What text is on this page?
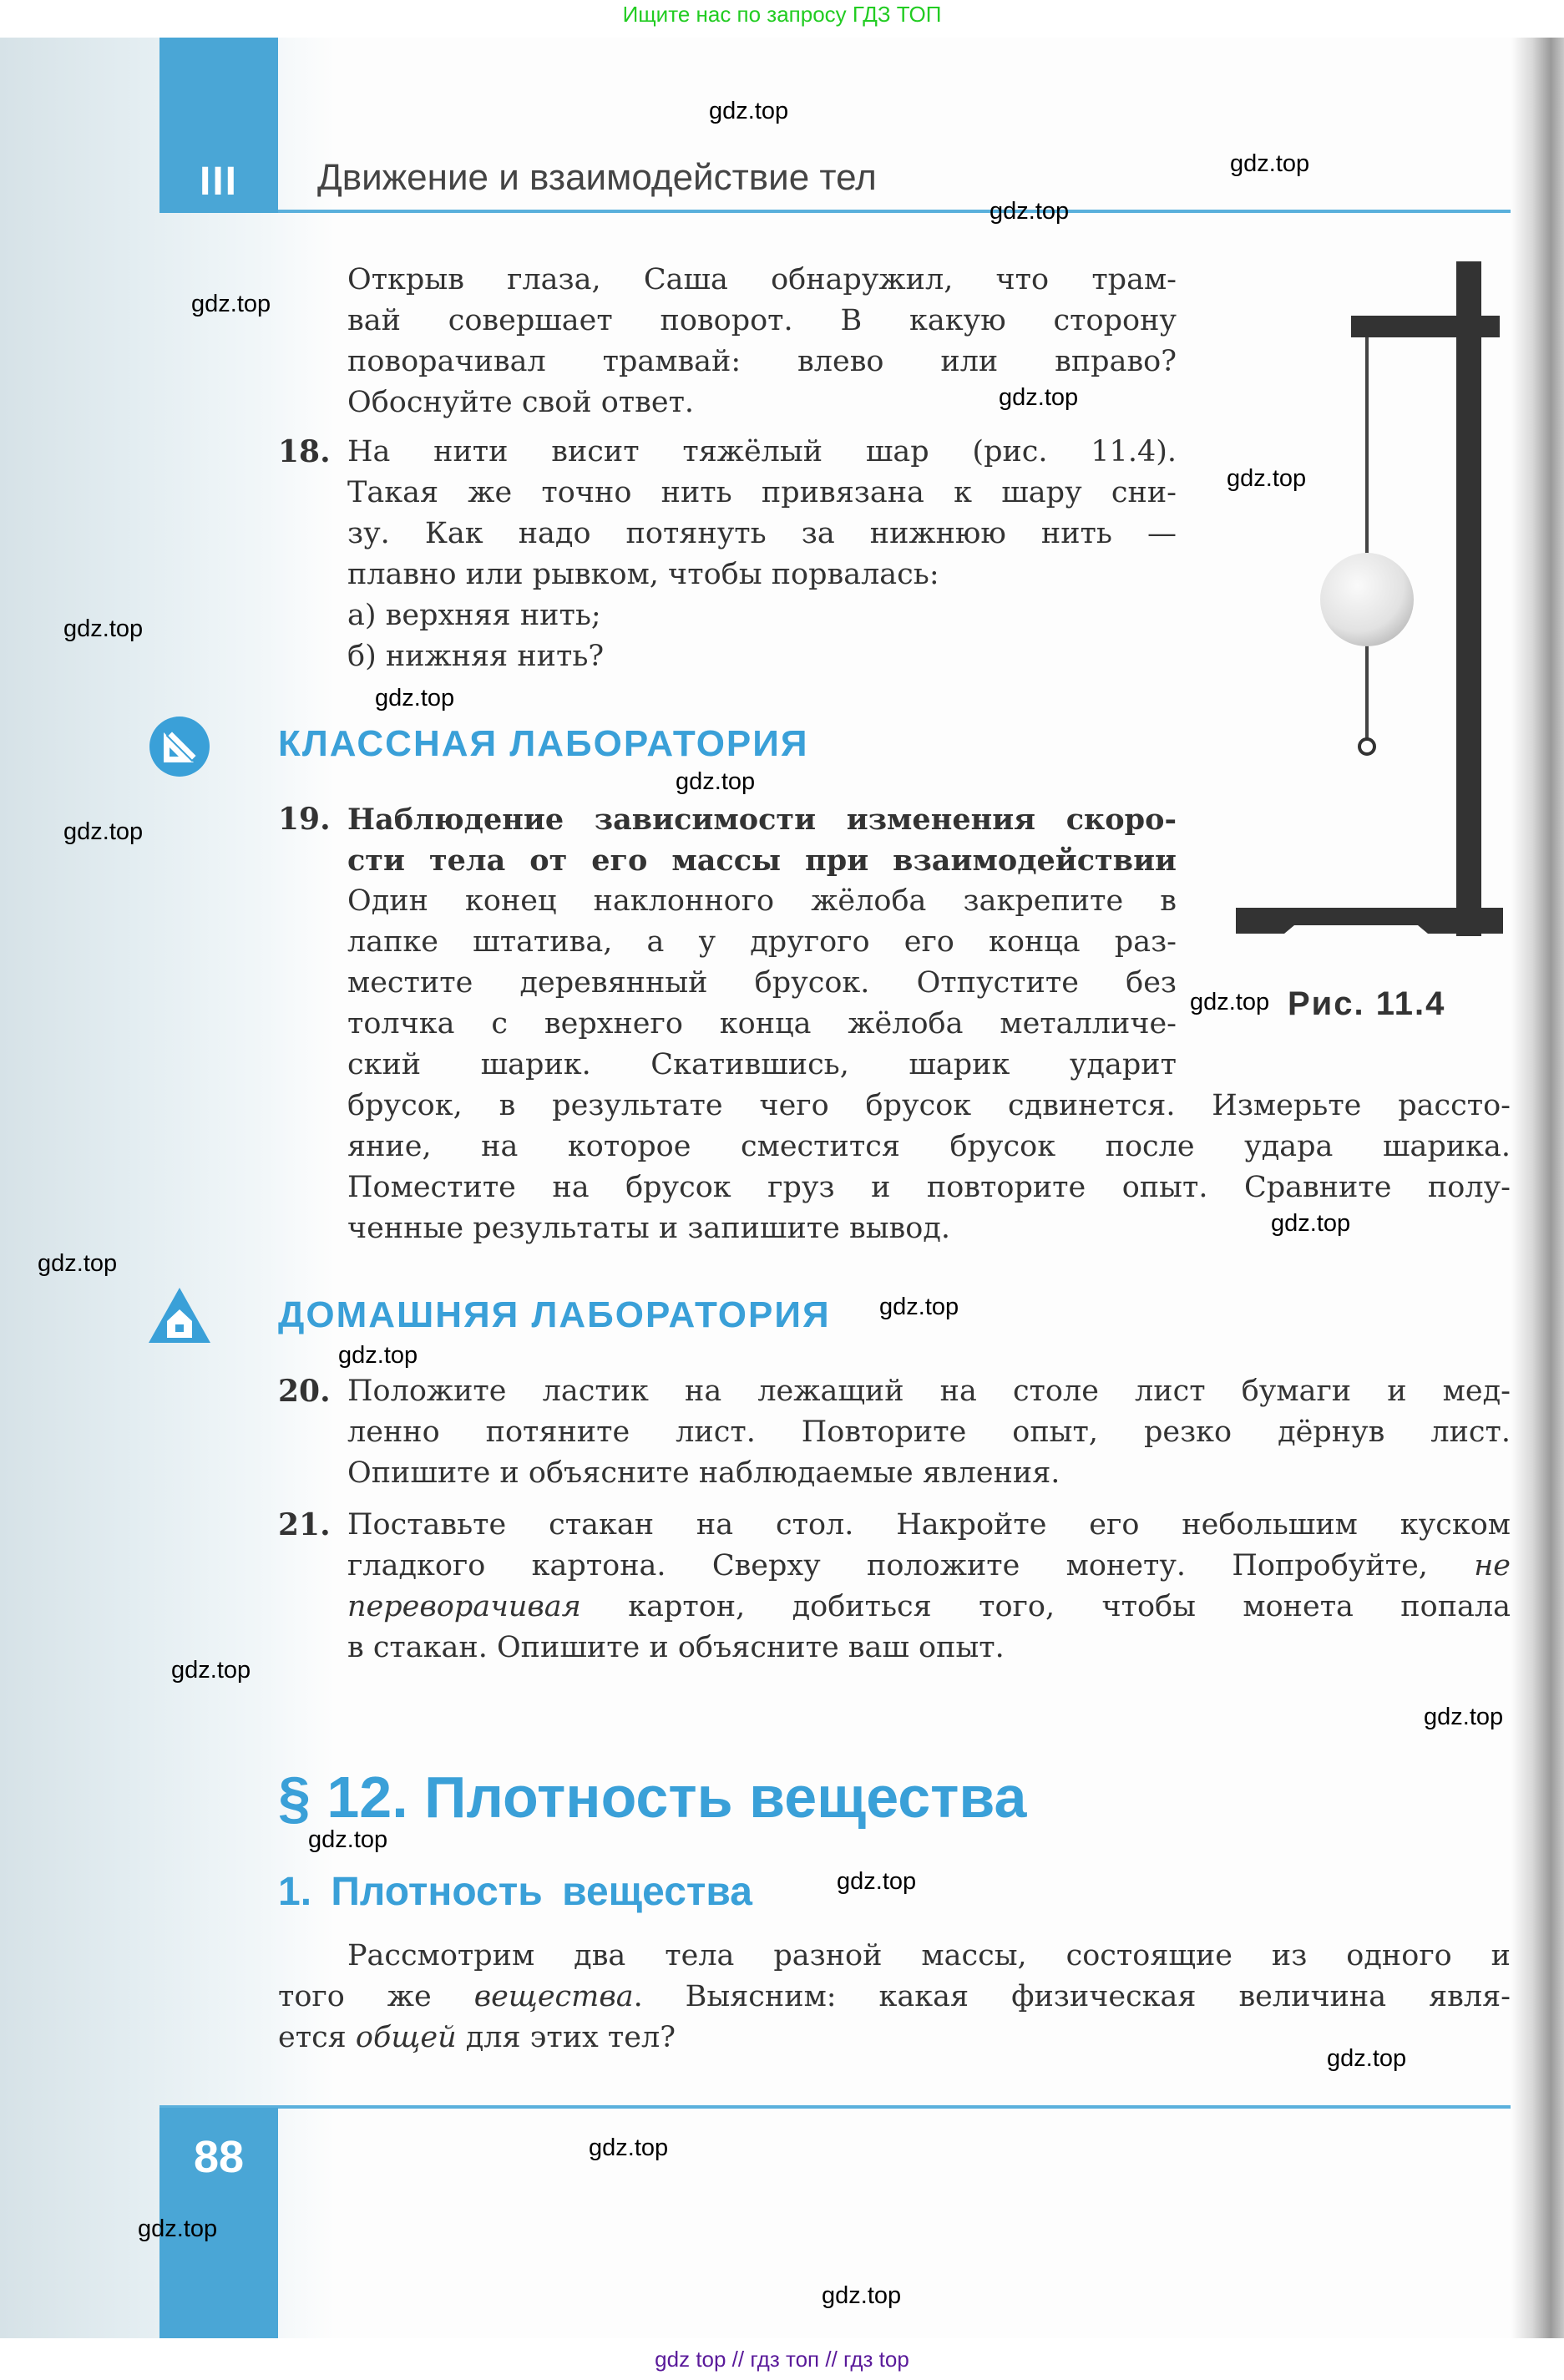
Ищите нас по запросу ГДЗ ТОП
III	Движение и взаимодействие тел
Рис. 11.4
КЛАССНАЯ ЛАБОРАТОРИЯ
ДОМАШНЯЯ ЛАБОРАТОРИЯ
Открыв глаза, Саша обнаружил, что трам-
вай совершает поворот. В какую сторону
поворачивал трамвай: влево или вправо?
Обоснуйте свой ответ.
18. На нити висит тяжёлый шар (рис. 11.4).
Такая же точно нить привязана к шару сни-
зу. Как надо потянуть за нижнюю нить —
плавно или рывком, чтобы порвалась:
а) верхняя нить;
б) нижняя нить?
19. Наблюдение зависимости изменения скоро-
сти тела от его массы при взаимодействии
Один конец наклонного жёлоба закрепите в
лапке штатива, а у другого его конца раз-
местите деревянный брусок. Отпустите без
толчка с верхнего конца жёлоба металличе-
ский шарик. Скатившись, шарик ударит
брусок, в результате чего брусок сдвинется. Измерьте рассто-
яние, на которое сместится брусок после удара шарика.
Поместите на брусок груз и повторите опыт. Сравните полу-
ченные результаты и запишите вывод.
20. Положите ластик на лежащий на столе лист бумаги и мед-
ленно потяните лист. Повторите опыт, резко дёрнув лист.
Опишите и объясните наблюдаемые явления.
21. Поставьте стакан на стол. Накройте его небольшим куском
гладкого картона. Сверху положите монету. Попробуйте, не
переворачивая картон, добиться того, чтобы монета попала
в стакан. Опишите и объясните ваш опыт.
Рассмотрим два тела разной массы, состоящие из одного и
того же вещества. Выясним: какая физическая величина явля-
ется общей для этих тел?
§ 12. Плотность вещества
1. Плотность вещества
88
gdz top // гдз топ // гдз top
gdz.top
gdz.top
gdz.top
gdz.top
gdz.top
gdz.top
gdz.top
gdz.top
gdz.top
gdz.top
gdz.top
gdz.top
gdz.top
gdz.top
gdz.top
gdz.top
gdz.top
gdz.top
gdz.top
gdz.top
gdz.top
gdz.top
gdz.top
